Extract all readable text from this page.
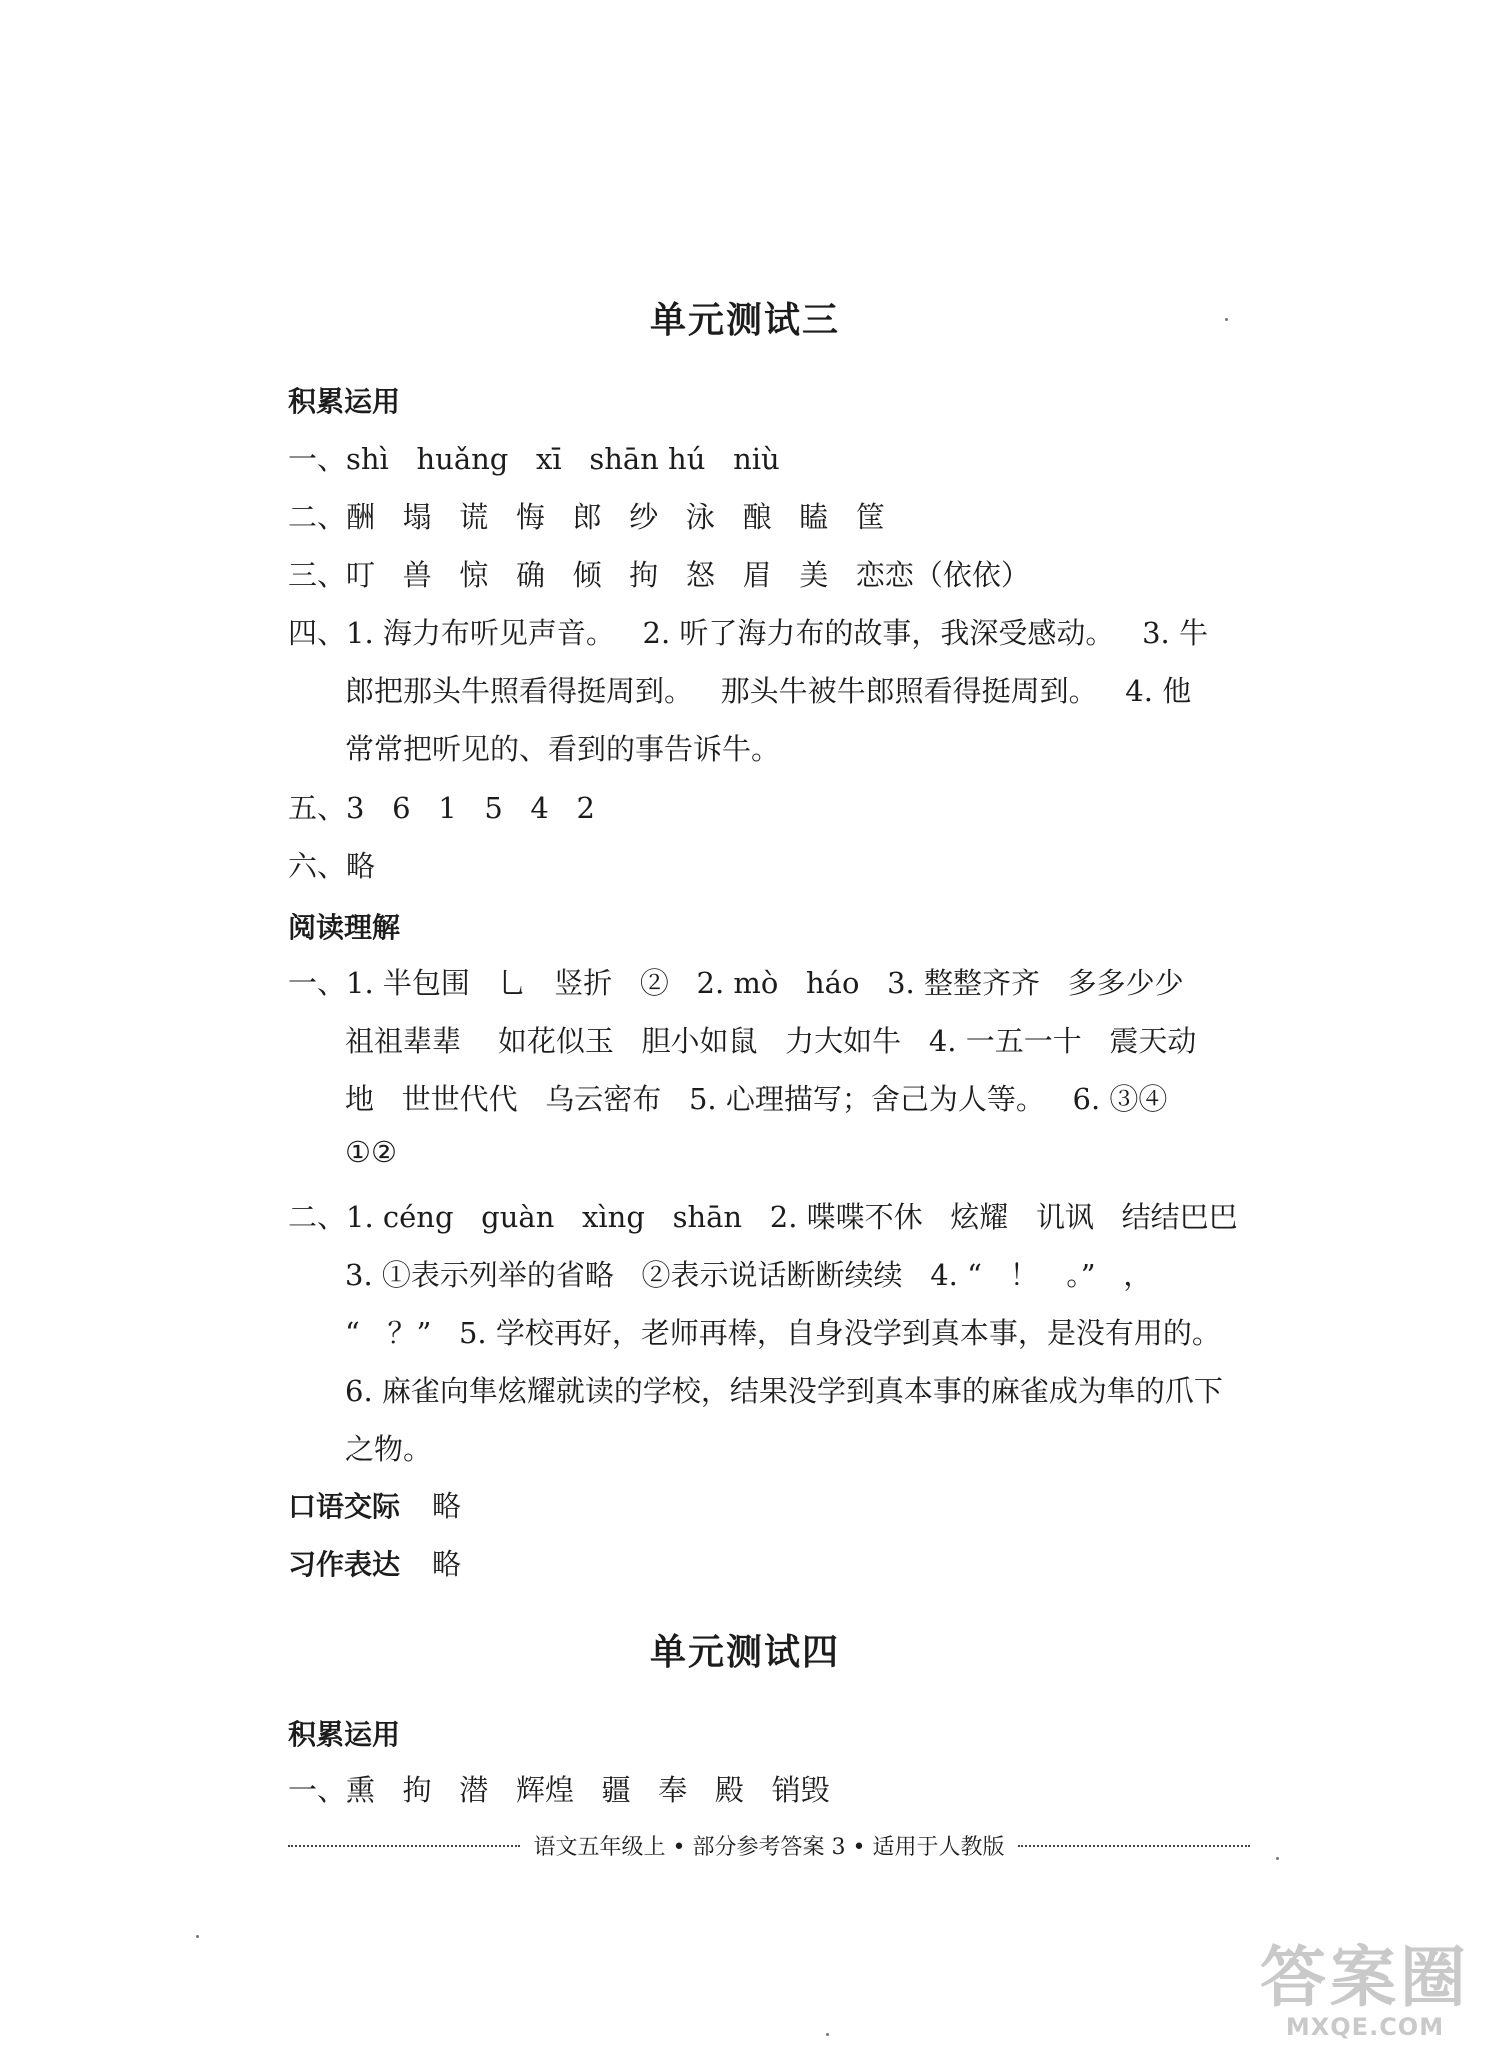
单元测试三
积累运用
一、shì   huǎng   xī   shān hú   niù
二、酬   塌   谎   悔   郎   纱   泳   酿   瞌   筐
三、叮   兽   惊   确   倾   拘   怒   眉   美   恋恋（依依）
四、1. 海力布听见声音。   2. 听了海力布的故事，我深受感动。   3. 牛
郎把那头牛照看得挺周到。   那头牛被牛郎照看得挺周到。   4. 他
常常把听见的、看到的事告诉牛。
五、3   6   1   5   4   2
六、略
阅读理解
一、1. 半包围   乚   竖折   ②   2. mò   háo   3. 整整齐齐   多多少少
祖祖辈辈    如花似玉   胆小如鼠   力大如牛   4. 一五一十   震天动
地   世世代代   乌云密布   5. 心理描写；舍己为人等。   6. ③④
①②
二、1. céng   guàn   xìng   shān   2. 喋喋不休   炫耀   讥讽   结结巴巴
3. ①表示列举的省略   ②表示说话断断续续   4. “   ！   。”   ，
“   ？”   5. 学校再好，老师再棒，自身没学到真本事，是没有用的。
6. 麻雀向隼炫耀就读的学校，结果没学到真本事的麻雀成为隼的爪下
之物。
口语交际 略
习作表达 略
单元测试四
积累运用
一、熏   拘   潜   辉煌   疆   奉   殿   销毁
语文五年级上 • 部分参考答案 3 • 适用于人教版
答案圈
MXQE.COM
